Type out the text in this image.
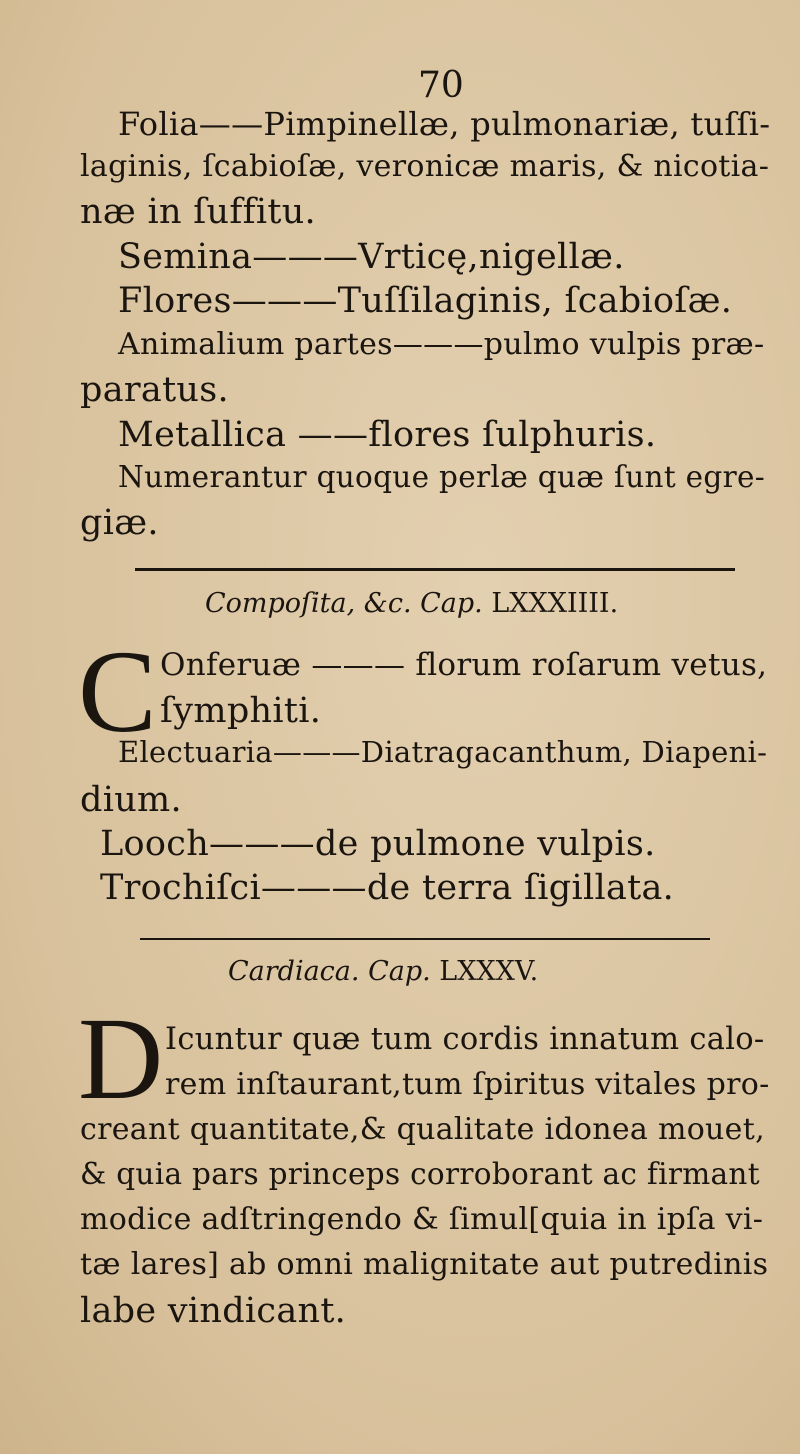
70
Folia——Pimpinellæ, pulmonariæ, tuſſi-
laginis, ſcabioſæ, veronicæ maris, & nicotia-
næ in ſuffitu.
Semina———Vrticę,nigellæ.
Flores———Tuſſilaginis, ſcabioſæ.
Animalium partes———pulmo vulpis præ-
paratus.
Metallica ——flores ſulphuris.
Numerantur quoque perlæ quæ ſunt egre-
giæ.
Compoſita, &c. Cap. LXXXIIII.
C Onferuæ ——— florum roſarum vetus,
ſymphiti.
Electuaria———Diatragacanthum, Diapeni-
dium.
Looch———de pulmone vulpis.
Trochiſci———de terra ſigillata.
Cardiaca. Cap. LXXXV.
D Icuntur quæ tum cordis innatum calo-
rem inſtaurant,tum ſpiritus vitales pro-
creant quantitate,& qualitate idonea mouet,
& quia pars princeps corroborant ac firmant
modice adſtringendo & ſimul[quia in ipſa vi-
tæ lares] ab omni malignitate aut putredinis
labe vindicant.
